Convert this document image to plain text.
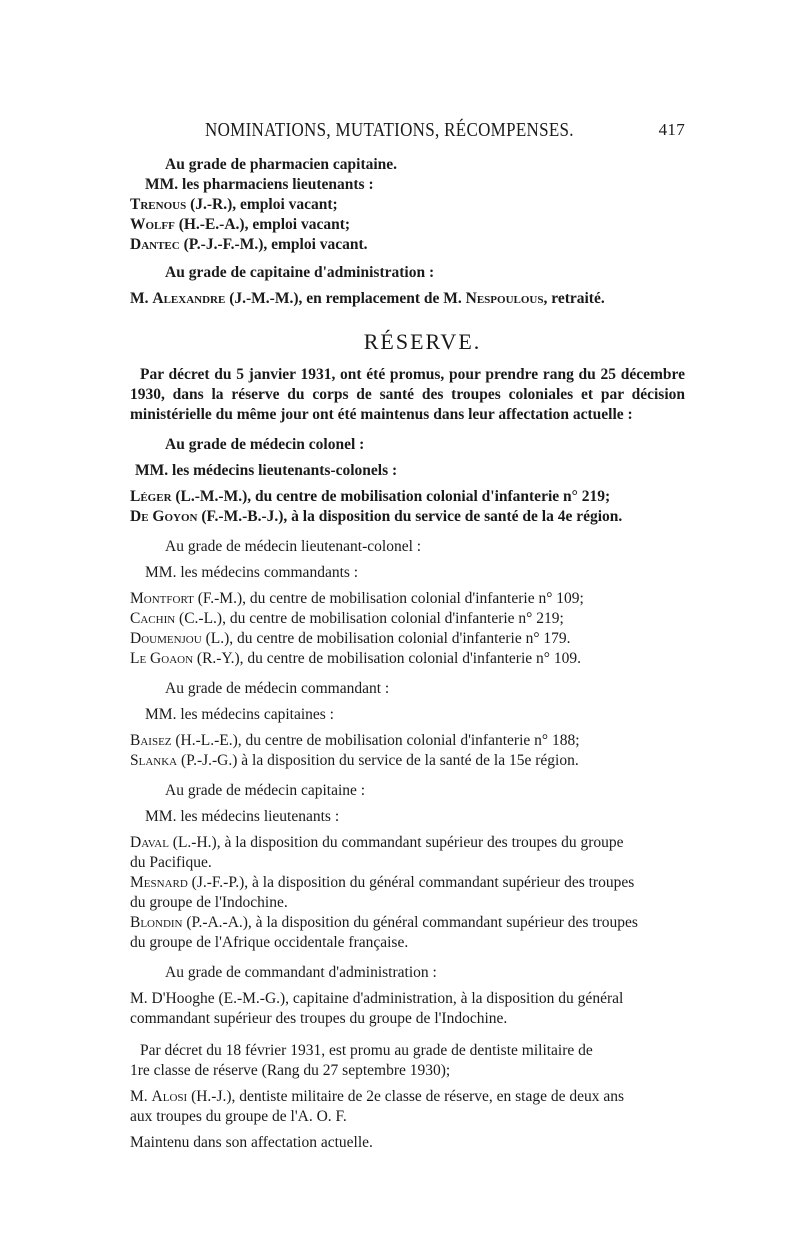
NOMINATIONS, MUTATIONS, RÉCOMPENSES.	417

Au grade de pharmacien capitaine.

MM. les pharmaciens lieutenants :

Trenous (J.-R.), emploi vacant;

Wolff (H.-E.-A.), emploi vacant;

Dantec (P.-J.-F.-M.), emploi vacant.

Au grade de capitaine d'administration :

M. Alexandre (J.-M.-M.), en remplacement de M. Nespoulous, retraité.

RÉSERVE.

Par décret du 5 janvier 1931, ont été promus, pour prendre rang du 25 décembre 1930, dans la réserve du corps de santé des troupes coloniales et par décision ministérielle du même jour ont été maintenus dans leur affectation actuelle :

Au grade de médecin colonel :

MM. les médecins lieutenants-colonels :

Léger (L.-M.-M.), du centre de mobilisation colonial d'infanterie n° 219;

De Goyon (F.-M.-B.-J.), à la disposition du service de santé de la 4e région.

Au grade de médecin lieutenant-colonel :

MM. les médecins commandants :

Montfort (F.-M.), du centre de mobilisation colonial d'infanterie n° 109;

Cachin (C.-L.), du centre de mobilisation colonial d'infanterie n° 219;

Doumenjou (L.), du centre de mobilisation colonial d'infanterie n° 179.

Le Goaon (R.-Y.), du centre de mobilisation colonial d'infanterie n° 109.

Au grade de médecin commandant :

MM. les médecins capitaines :

Baisez (H.-L.-E.), du centre de mobilisation colonial d'infanterie n° 188;

Slanka (P.-J.-G.) à la disposition du service de la santé de la 15e région.

Au grade de médecin capitaine :

MM. les médecins lieutenants :

Daval (L.-H.), à la disposition du commandant supérieur des troupes du groupe

du Pacifique.

Mesnard (J.-F.-P.), à la disposition du général commandant supérieur des troupes

du groupe de l'Indochine.

Blondin (P.-A.-A.), à la disposition du général commandant supérieur des troupes

du groupe de l'Afrique occidentale française.

Au grade de commandant d'administration :

M. D'Hooghe (E.-M.-G.), capitaine d'administration, à la disposition du général

commandant supérieur des troupes du groupe de l'Indochine.

Par décret du 18 février 1931, est promu au grade de dentiste militaire de

1re classe de réserve (Rang du 27 septembre 1930);

M. Alosi (H.-J.), dentiste militaire de 2e classe de réserve, en stage de deux ans

aux troupes du groupe de l'A. O. F.

Maintenu dans son affectation actuelle.
